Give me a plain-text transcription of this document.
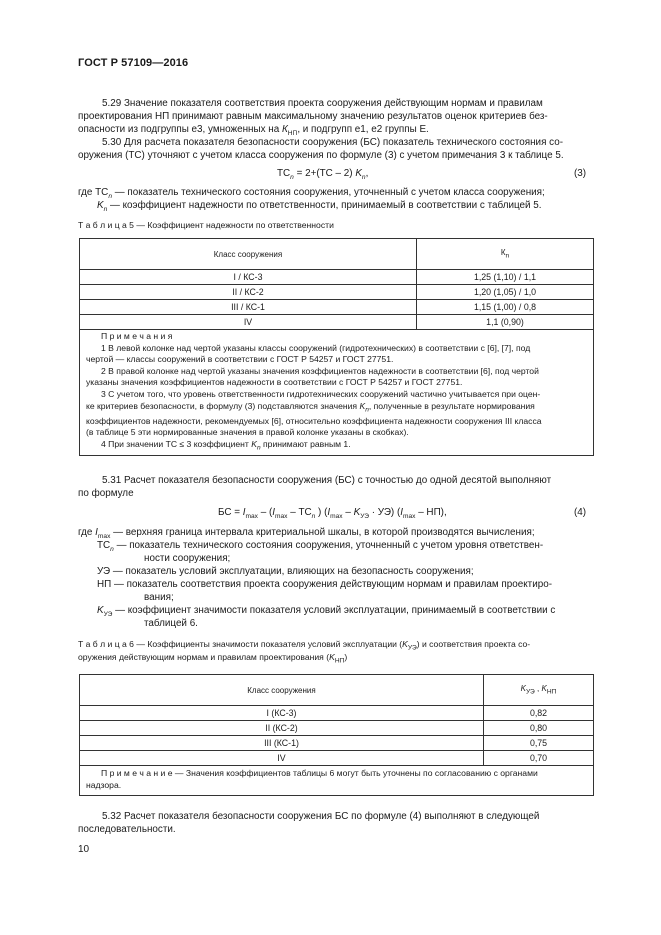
ГОСТ Р 57109—2016
5.29 Значение показателя соответствия проекта сооружения действующим нормам и правилам
проектирования НП принимают равным максимальному значению результатов оценок критериев без-
опасности из подгруппы е3, умноженных на $К_{НП}$, и подгрупп е1, е2 группы Е.
5.30 Для расчета показателя безопасности сооружения (БС) показатель технического состояния со-
оружения (ТС) уточняют с учетом класса сооружения по формуле (3) с учетом примечания 3 к таблице 5.
$ТС_n = 2+(ТС - 2)$ $K_n$,	(3)
где $ТС_n$ — показатель технического состояния сооружения, уточненный с учетом класса сооружения;
$K_n$ — коэффициент надежности по ответственности, принимаемый в соответствии с таблицей 5.
Т а б л и ц а 5 — Коэффициент надежности по ответственности
Класс сооружения	$К_n$
I / КС-3	1,25 (1,10) / 1,1
II / КС-2	1,20 (1,05) / 1,0
III / КС-1	1,15 (1,00) / 0,8
IV	1,1 (0,90)
П р и м е ч а н и я
1 В левой колонке над чертой указаны классы сооружений (гидротехнических) в соответствии с [6], [7], под
чертой — классы сооружений в соответствии с ГОСТ Р 54257 и ГОСТ 27751.
2 В правой колонке над чертой указаны значения коэффициентов надежности в соответствии [6], под чертой
указаны значения коэффициентов надежности в соответствии с ГОСТ Р 54257 и ГОСТ 27751.
3 С учетом того, что уровень ответственности гидротехнических сооружений частично учитывается при оцен-
ке критериев безопасности, в формулу (3) подставляются значения $K_n$, полученные в результате нормирования
коэффициентов надежности, рекомендуемых [6], относительно коэффициента надежности сооружения III класса
(в таблице 5 эти нормированные значения в правой колонке указаны в скобках).
4 При значении ТС ≤ 3 коэффициент $K_n$ принимают равным 1.
5.31 Расчет показателя безопасности сооружения (БС) с точностью до одной десятой выполняют
по формуле
БС = $I_{max} - (I_{max} - ТС_n$ ) $(I_{max} - K_{УЭ} \cdot УЭ)$ $(I_{max} - НП)$,	(4)
где $I_{max}$ — верхняя граница интервала критериальной шкалы, в которой производятся вычисления;
$ТС_n$ — показатель технического состояния сооружения, уточненный с учетом уровня ответствен-
ности сооружения;
УЭ — показатель условий эксплуатации, влияющих на безопасность сооружения;
НП — показатель соответствия проекта сооружения действующим нормам и правилам проектиро-
вания;
$K_{УЭ}$ — коэффициент значимости показателя условий эксплуатации, принимаемый в соответствии с
таблицей 6.
Т а б л и ц а 6 — Коэффициенты значимости показателя условий эксплуатации $(K_{УЭ})$ и соответствия проекта со-
оружения действующим нормам и правилам проектирования $(K_{НП})$
Класс сооружения	$K_{УЭ}$ , $K_{НП}$
I (КС-3)	0,82
II (КС-2)	0,80
III (КС-1)	0,75
IV	0,70
П р и м е ч а н и е — Значения коэффициентов таблицы 6 могут быть уточнены по согласованию с органами
надзора.
5.32 Расчет показателя безопасности сооружения БС по формуле (4) выполняют в следующей
последовательности.
10
